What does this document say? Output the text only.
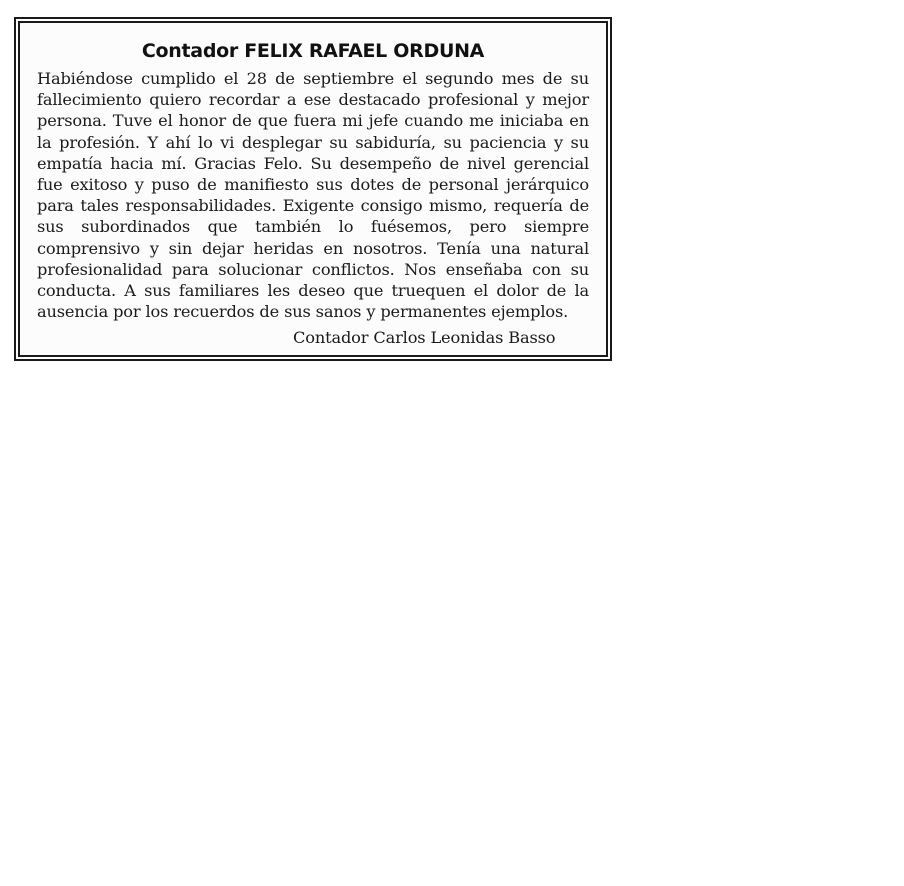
Contador FELIX RAFAEL ORDUNA

Habiéndose cumplido el 28 de septiembre el segundo mes de su fallecimiento quiero recordar a ese destacado profesional y mejor persona. Tuve el honor de que fuera mi jefe cuando me iniciaba en la profesión. Y ahí lo vi desplegar su sabiduría, su paciencia y su empatía hacia mí. Gracias Felo. Su desempeño de nivel gerencial fue exitoso y puso de manifiesto sus dotes de personal jerárquico para tales responsabilidades. Exigente consigo mismo, requería de sus subordinados que también lo fuésemos, pero siempre comprensivo y sin dejar heridas en nosotros. Tenía una natural profesionalidad para solucionar conflictos. Nos enseñaba con su conducta. A sus familiares les deseo que truequen el dolor de la ausencia por los recuerdos de sus sanos y permanentes ejemplos.

Contador Carlos Leonidas Basso
